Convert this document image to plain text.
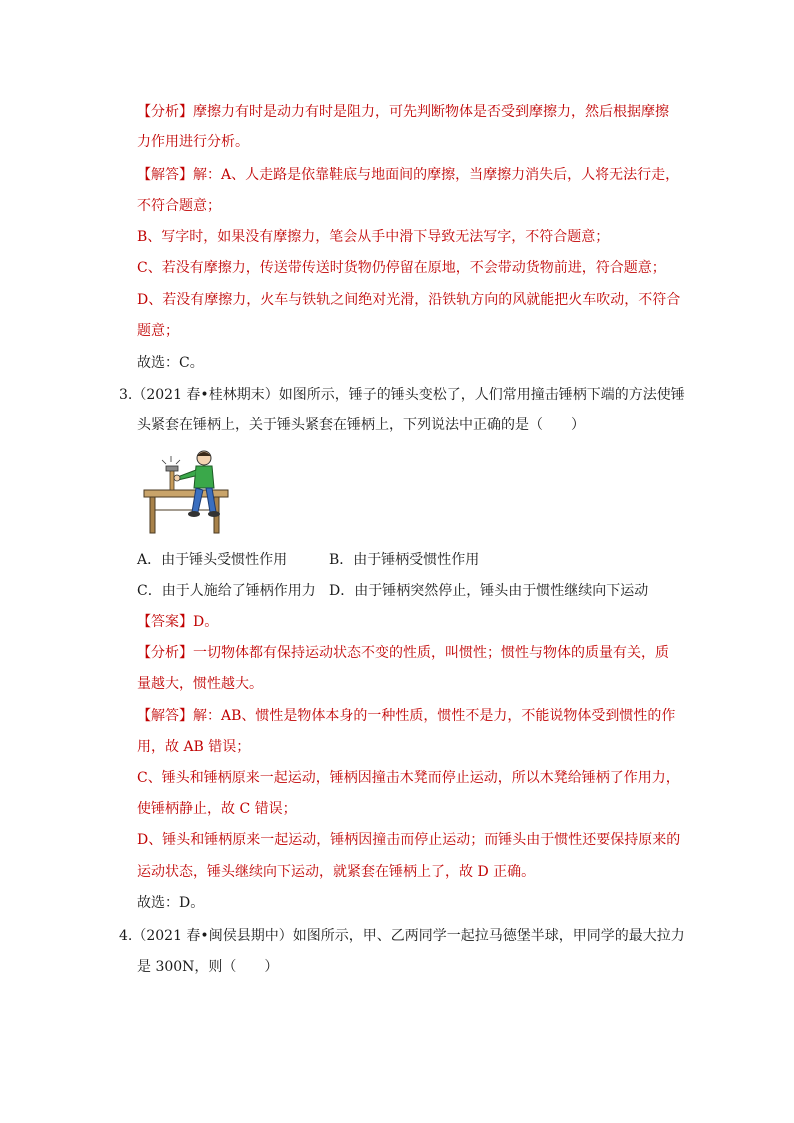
【分析】摩擦力有时是动力有时是阻力，可先判断物体是否受到摩擦力，然后根据摩擦
力作用进行分析。
【解答】解：A、人走路是依靠鞋底与地面间的摩擦，当摩擦力消失后，人将无法行走，
不符合题意；
B、写字时，如果没有摩擦力，笔会从手中滑下导致无法写字，不符合题意；
C、若没有摩擦力，传送带传送时货物仍停留在原地，不会带动货物前进，符合题意；
D、若没有摩擦力，火车与铁轨之间绝对光滑，沿铁轨方向的风就能把火车吹动，不符合
题意；
故选：C。
3.（2021 春•桂林期末）如图所示，锤子的锤头变松了，人们常用撞击锤柄下端的方法使锤
头紧套在锤柄上，关于锤头紧套在锤柄上，下列说法中正确的是（　　）
A．由于锤头受惯性作用	B．由于锤柄受惯性作用
C．由于人施给了锤柄作用力 D．由于锤柄突然停止，锤头由于惯性继续向下运动
【答案】D。
【分析】一切物体都有保持运动状态不变的性质，叫惯性；惯性与物体的质量有关，质
量越大，惯性越大。
【解答】解：AB、惯性是物体本身的一种性质，惯性不是力，不能说物体受到惯性的作
用，故 AB 错误；
C、锤头和锤柄原来一起运动，锤柄因撞击木凳而停止运动，所以木凳给锤柄了作用力，
使锤柄静止，故 C 错误；
D、锤头和锤柄原来一起运动，锤柄因撞击而停止运动；而锤头由于惯性还要保持原来的
运动状态，锤头继续向下运动，就紧套在锤柄上了，故 D 正确。
故选：D。
4.（2021 春•闽侯县期中）如图所示，甲、乙两同学一起拉马德堡半球，甲同学的最大拉力
是 300N，则（　　）
